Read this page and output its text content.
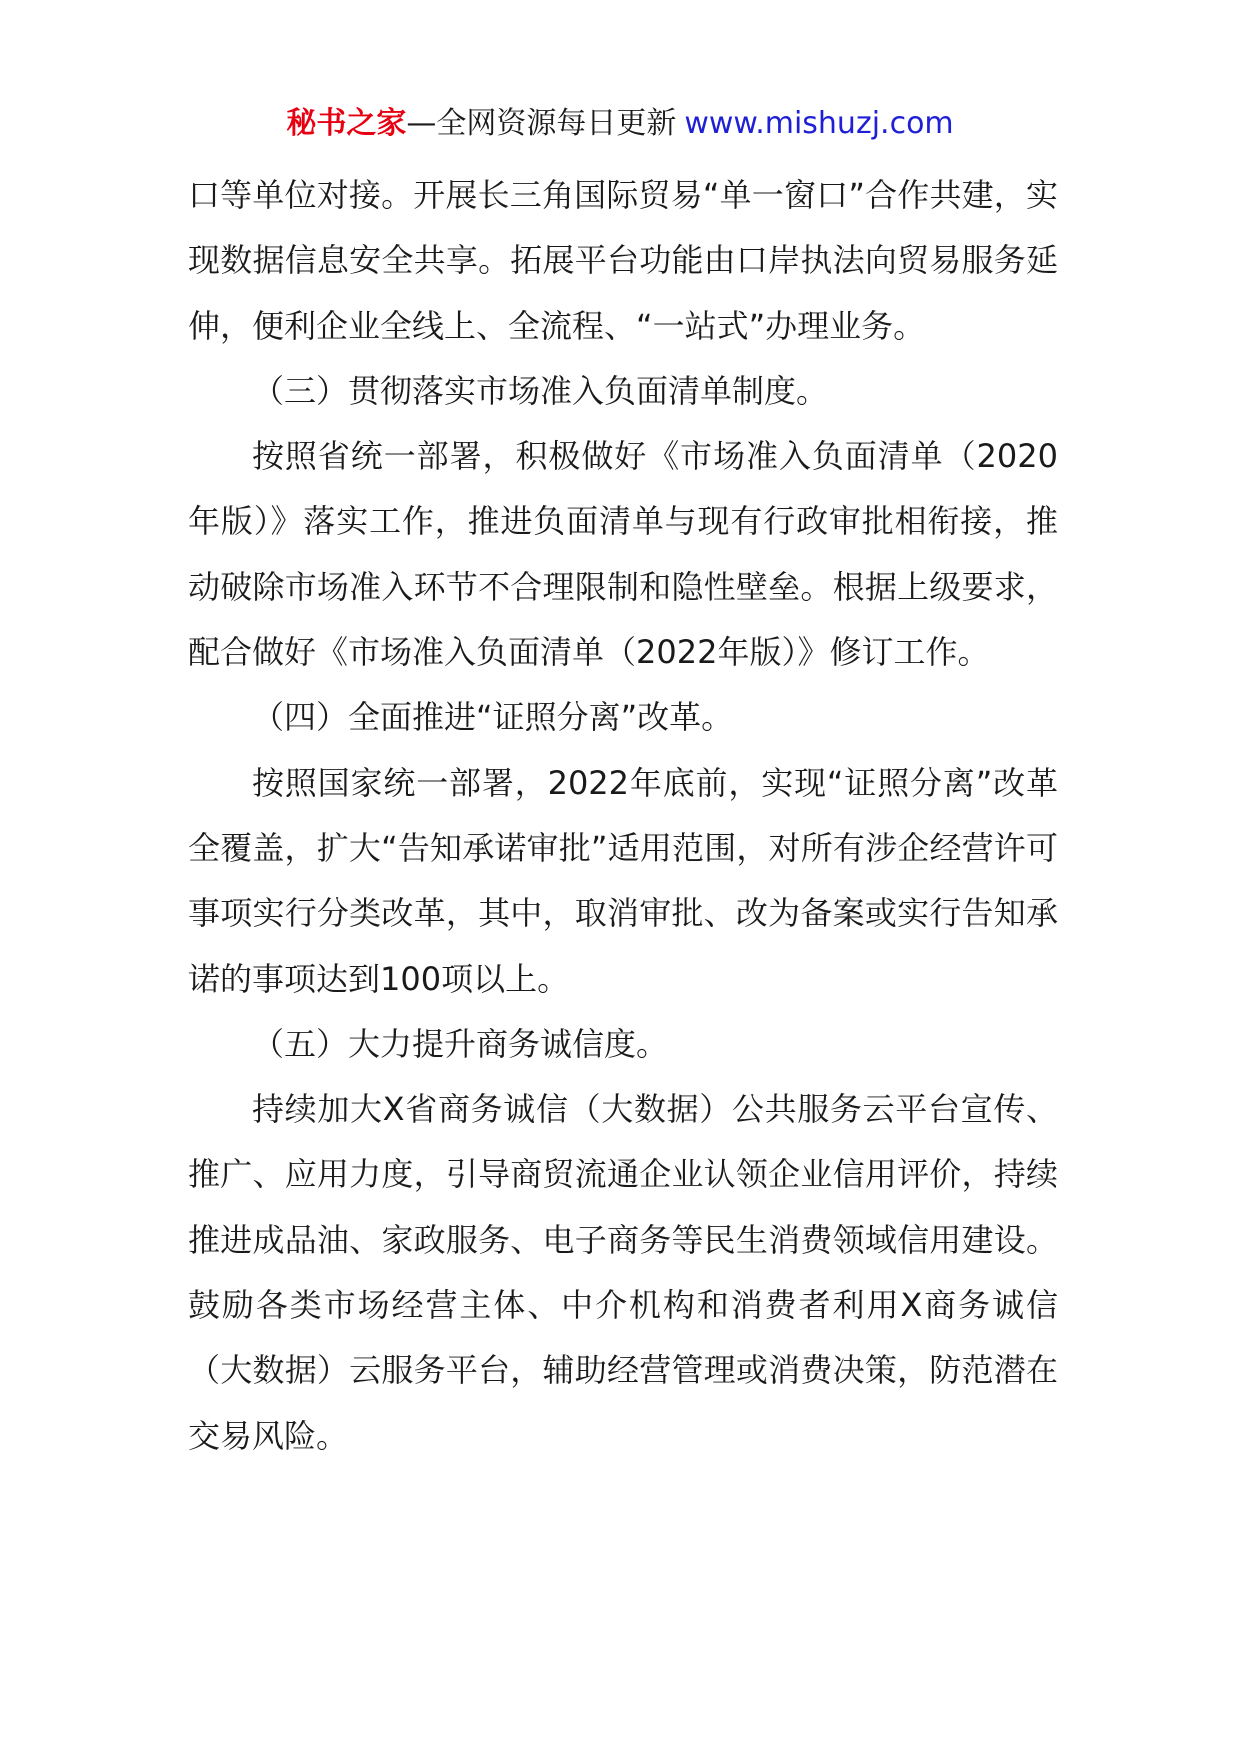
秘书之家—全网资源每日更新 www.mishuzj.com

口等单位对接。开展长三角国际贸易“单一窗口”合作共建，实现数据信息安全共享。拓展平台功能由口岸执法向贸易服务延伸，便利企业全线上、全流程、“一站式”办理业务。

（三）贯彻落实市场准入负面清单制度。

按照省统一部署，积极做好《市场准入负面清单（2020年版）》落实工作，推进负面清单与现有行政审批相衔接，推动破除市场准入环节不合理限制和隐性壁垒。根据上级要求，配合做好《市场准入负面清单（2022年版）》修订工作。

（四）全面推进“证照分离”改革。

按照国家统一部署，2022年底前，实现“证照分离”改革全覆盖，扩大“告知承诺审批”适用范围，对所有涉企经营许可事项实行分类改革，其中，取消审批、改为备案或实行告知承诺的事项达到100项以上。

（五）大力提升商务诚信度。

持续加大X省商务诚信（大数据）公共服务云平台宣传、推广、应用力度，引导商贸流通企业认领企业信用评价，持续推进成品油、家政服务、电子商务等民生消费领域信用建设。鼓励各类市场经营主体、中介机构和消费者利用X商务诚信（大数据）云服务平台，辅助经营管理或消费决策，防范潜在交易风险。
